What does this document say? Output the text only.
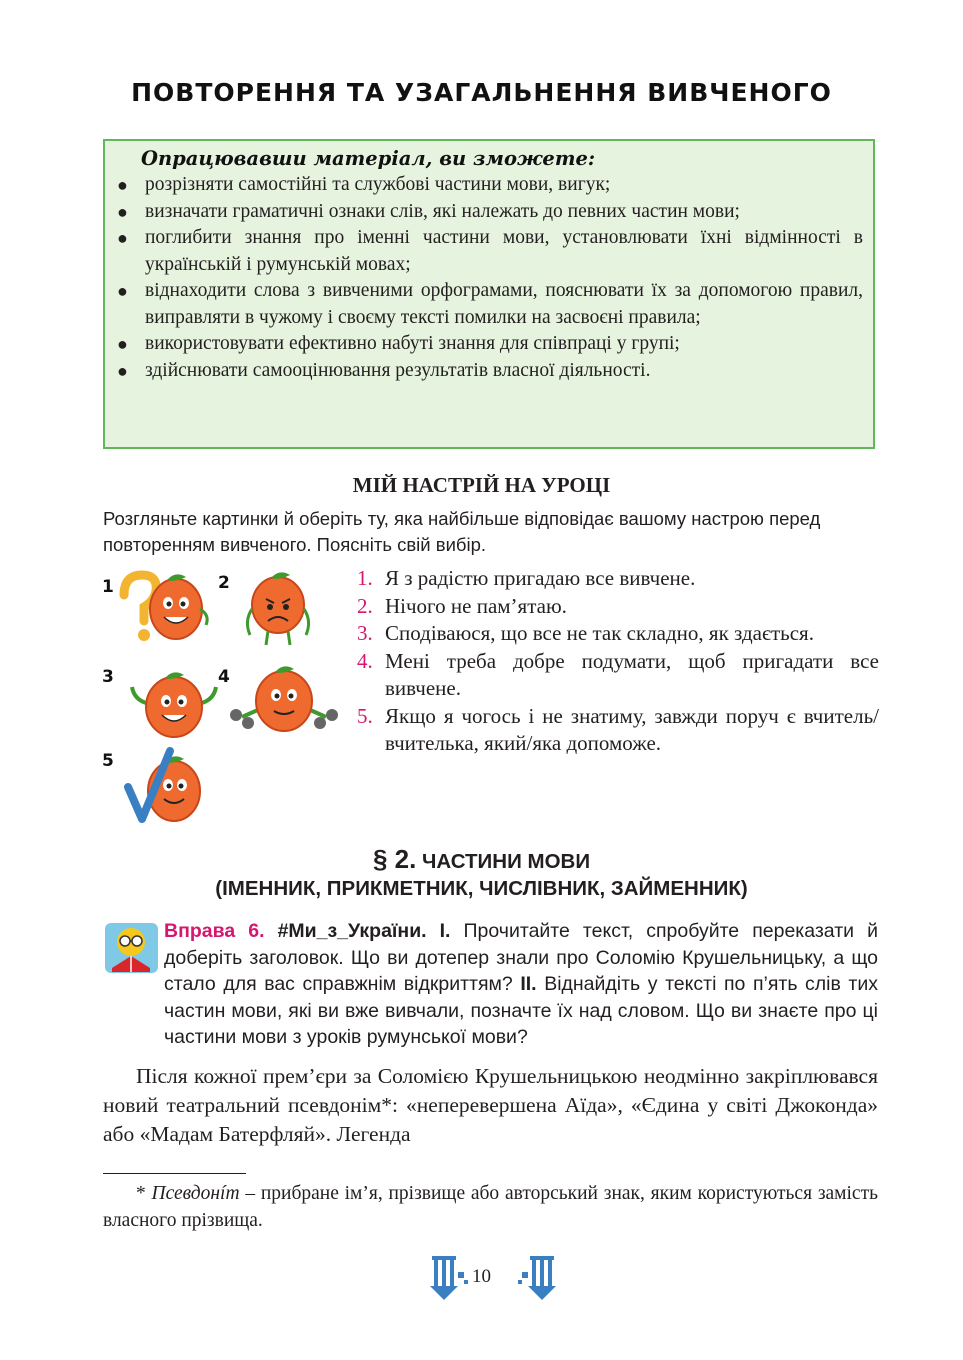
ПОВТОРЕННЯ ТА УЗАГАЛЬНЕННЯ ВИВЧЕНОГО
Опрацювавши матеріал, ви зможете:
● розрізняти самостійні та службові частини мови, вигук;
● визначати граматичні ознаки слів, які належать до певних частин мови;
● поглибити знання про іменні частини мови, установлювати їхні відмінності в українській і румунській мовах;
● віднаходити слова з вивченими орфограмами, пояснювати їх за допомогою правил, виправляти в чужому і своєму тексті помилки на засвоєні правила;
● використовувати ефективно набуті знання для співпраці у групі;
● здійснювати самооцінювання результатів власної діяльності.
МІЙ НАСТРІЙ НА УРОЦІ
Розгляньте картинки й оберіть ту, яка найбільше відповідає вашому настрою перед повторенням вивченого. Поясніть свій вибір.
1	2
3	4
5
1. Я з радістю пригадаю все вивчене.
2. Нічого не пам’ятаю.
3. Сподіваюся, що все не так складно, як здається.
4. Мені треба добре подумати, щоб пригадати все вивчене.
5. Якщо я чогось і не знатиму, завжди поруч є вчитель/вчителька, який/яка допоможе.
§ 2. ЧАСТИНИ МОВИ
(ІМЕННИК, ПРИКМЕТНИК, ЧИСЛІВНИК, ЗАЙМЕННИК)
Вправа 6. #Ми_з_України. I. Прочитайте текст, спробуйте переказати й доберіть заголовок. Що ви дотепер знали про Соломію Крушельницьку, а що стало для вас справжнім відкриттям? II. Віднайдіть у тексті по п’ять слів тих частин мови, які ви вже вивчали, позначте їх над словом. Що ви знаєте про ці частини мови з уроків румунської мови?
Після кожної прем’єри за Соломією Крушельницькою неодмінно закріплювався новий театральний псевдонім*: «неперевершена Аїда», «Єдина у світі Джоконда» або «Мадам Батерфляй». Легенда
* Псевдонím – прибране ім’я, прізвище або авторський знак, яким користуються замість власного прізвища.
10
